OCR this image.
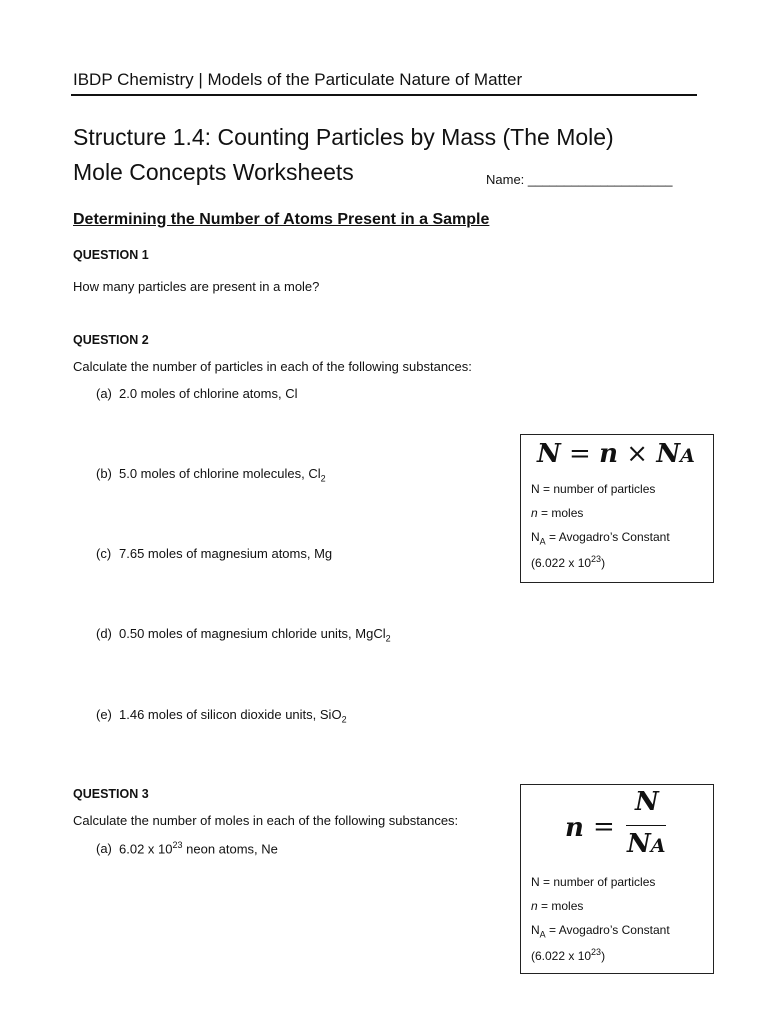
IBDP Chemistry | Models of the Particulate Nature of Matter
Structure 1.4: Counting Particles by Mass (The Mole)
Mole Concepts Worksheets	Name: ____________________
Determining the Number of Atoms Present in a Sample
QUESTION 1
How many particles are present in a mole?
QUESTION 2
Calculate the number of particles in each of the following substances:
(a) 2.0 moles of chlorine atoms, Cl
(b) 5.0 moles of chlorine molecules, $Cl_2$
(c) 7.65 moles of magnesium atoms, Mg
(d) 0.50 moles of magnesium chloride units, MgCl$_2$
(e) 1.46 moles of silicon dioxide units, SiO$_2$
QUESTION 3
Calculate the number of moles in each of the following substances:
(a) 6.02 x $10^{23}$ neon atoms, Ne
N = n × NA
N = number of particles
n = moles
$N_A$ = Avogadro’s Constant
(6.022 x $10^{23}$)
n =
N
NA
N = number of particles
n = moles
$N_A$ = Avogadro’s Constant
(6.022 x $10^{23}$)
